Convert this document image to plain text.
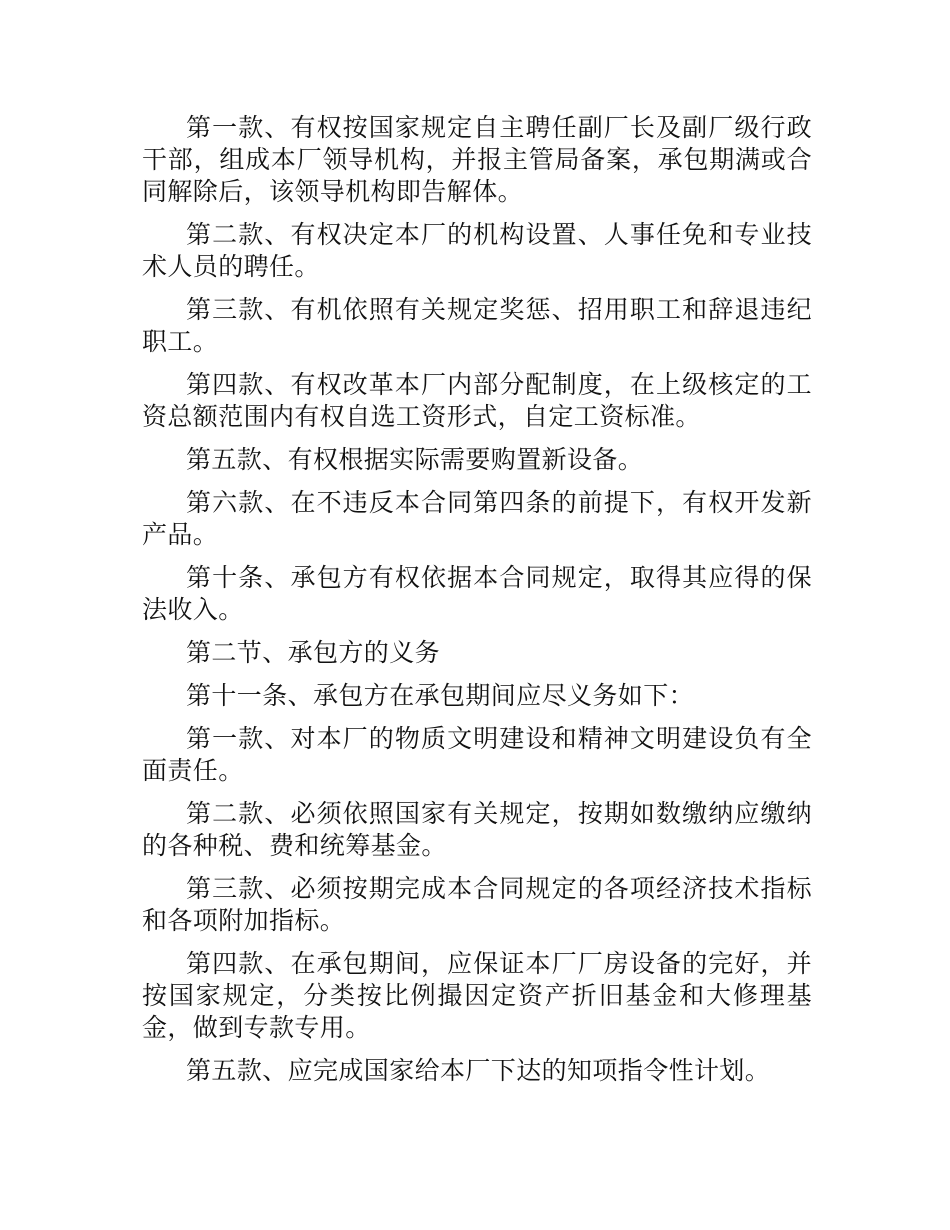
第一款、有权按国家规定自主聘任副厂长及副厂级行政干部，组成本厂领导机构，并报主管局备案，承包期满或合同解除后，该领导机构即告解体。

第二款、有权决定本厂的机构设置、人事任免和专业技术人员的聘任。

第三款、有机依照有关规定奖惩、招用职工和辞退违纪职工。

第四款、有权改革本厂内部分配制度，在上级核定的工资总额范围内有权自选工资形式，自定工资标准。

第五款、有权根据实际需要购置新设备。

第六款、在不违反本合同第四条的前提下，有权开发新产品。

第十条、承包方有权依据本合同规定，取得其应得的保法收入。

第二节、承包方的义务

第十一条、承包方在承包期间应尽义务如下：

第一款、对本厂的物质文明建设和精神文明建设负有全面责任。

第二款、必须依照国家有关规定，按期如数缴纳应缴纳的各种税、费和统筹基金。

第三款、必须按期完成本合同规定的各项经济技术指标和各项附加指标。

第四款、在承包期间，应保证本厂厂房设备的完好，并按国家规定，分类按比例撮因定资产折旧基金和大修理基金，做到专款专用。

第五款、应完成国家给本厂下达的知项指令性计划。
